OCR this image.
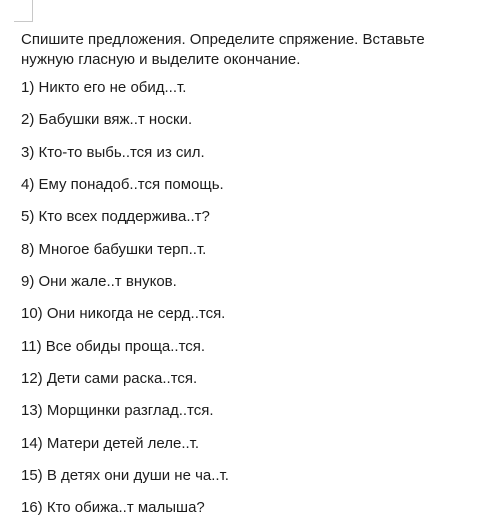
Спишите предложения. Определите спряжение. Вставьте нужную гласную и выделите окончание.
1) Никто его не обид...т.
2) Бабушки вяж..т носки.
3) Кто-то выбь..тся из сил.
4) Ему понадоб..тся помощь.
5) Кто всех поддержива..т?
8) Многое бабушки терп..т.
9) Они жале..т внуков.
10) Они никогда не серд..тся.
11) Все обиды проща..тся.
12) Дети сами раска..тся.
13) Морщинки разглад..тся.
14) Матери детей леле..т.
15) В детях они души не ча..т.
16) Кто обижа..т малыша?
